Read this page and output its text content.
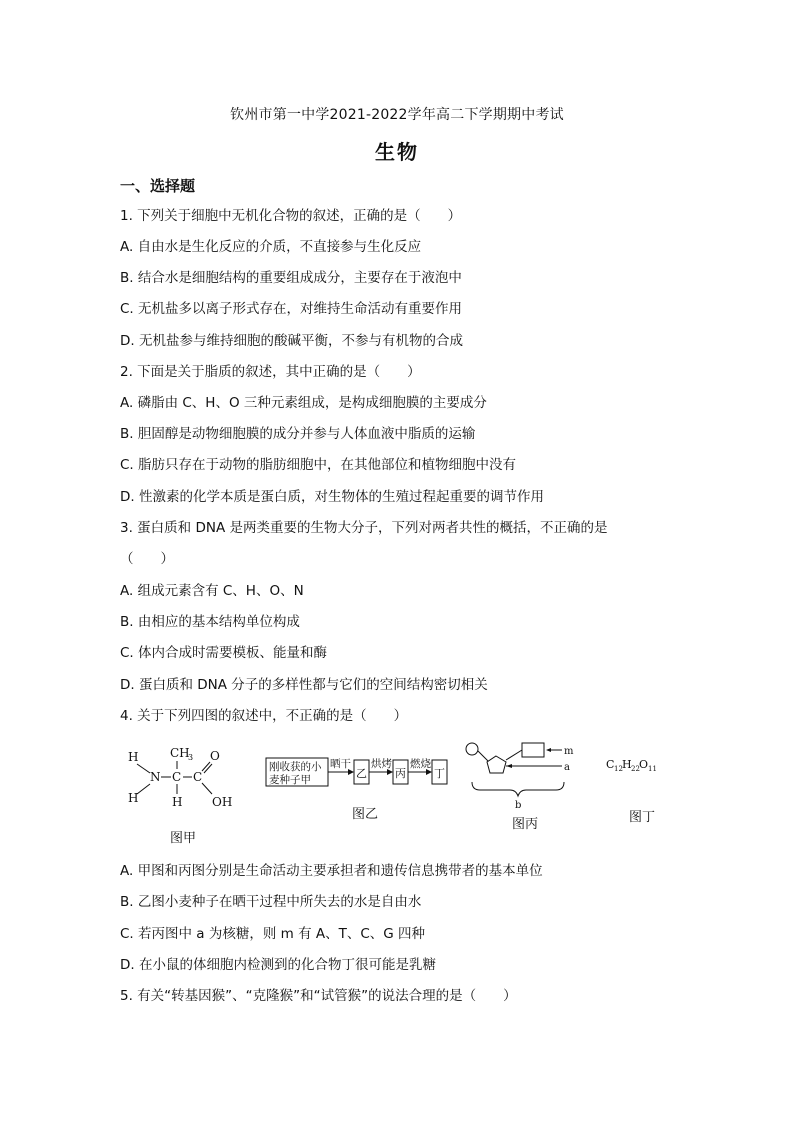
钦州市第一中学2021-2022学年高二下学期期中考试
生物
一、选择题
1. 下列关于细胞中无机化合物的叙述，正确的是（　　）
A. 自由水是生化反应的介质，不直接参与生化反应
B. 结合水是细胞结构的重要组成成分，主要存在于液泡中
C. 无机盐多以离子形式存在，对维持生命活动有重要作用
D. 无机盐参与维持细胞的酸碱平衡，不参与有机物的合成
2. 下面是关于脂质的叙述，其中正确的是（　　）
A. 磷脂由 C、H、O 三种元素组成，是构成细胞膜的主要成分
B. 胆固醇是动物细胞膜的成分并参与人体血液中脂质的运输
C. 脂肪只存在于动物的脂肪细胞中，在其他部位和植物细胞中没有
D. 性激素的化学本质是蛋白质，对生物体的生殖过程起重要的调节作用
3. 蛋白质和 DNA 是两类重要的生物大分子，下列对两者共性的概括，不正确的是
（　　）
A. 组成元素含有 C、H、O、N
B. 由相应的基本结构单位构成
C. 体内合成时需要模板、能量和酶
D. 蛋白质和 DNA 分子的多样性都与它们的空间结构密切相关
4. 关于下列四图的叙述中，不正确的是（　　）
H
N
H
C
CH
3
H
C
O
OH
图甲
刚收获的小
麦种子甲
晒干
乙
烘烤
丙
燃烧
丁
图乙
m
a
b
图丙
C 12 H 22 O 11
图丁
A. 甲图和丙图分别是生命活动主要承担者和遗传信息携带者的基本单位
B. 乙图小麦种子在晒干过程中所失去的水是自由水
C. 若丙图中 a 为核糖，则 m 有 A、T、C、G 四种
D. 在小鼠的体细胞内检测到的化合物丁很可能是乳糖
5. 有关“转基因猴”、“克隆猴”和“试管猴”的说法合理的是（　　）
